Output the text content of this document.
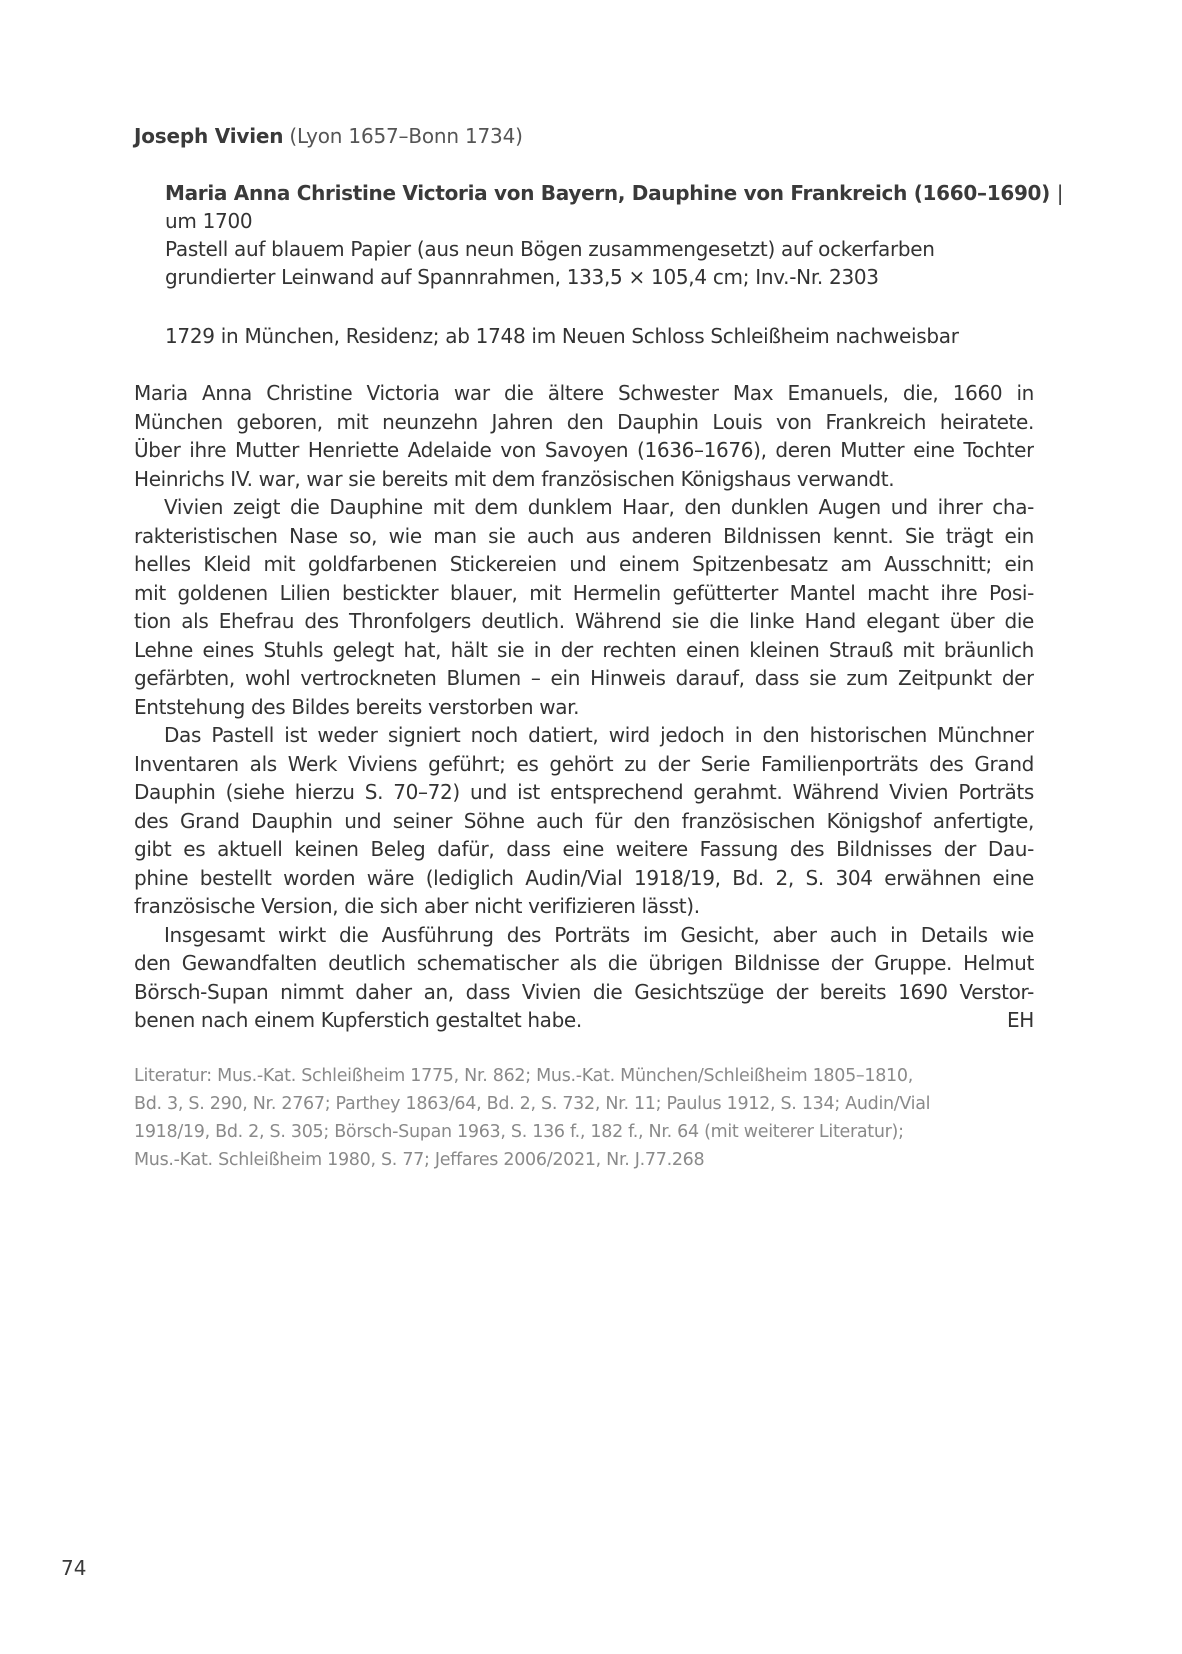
Joseph Vivien (Lyon 1657–Bonn 1734)
Maria Anna Christine Victoria von Bayern, Dauphine von Frankreich (1660–1690) |
um 1700
Pastell auf blauem Papier (aus neun Bögen zusammengesetzt) auf ockerfarben
grundierter Leinwand auf Spannrahmen, 133,5 × 105,4 cm; Inv.-Nr. 2303
1729 in München, Residenz; ab 1748 im Neuen Schloss Schleißheim nachweisbar
Maria Anna Christine Victoria war die ältere Schwester Max Emanuels, die, 1660 in
München geboren, mit neunzehn Jahren den Dauphin Louis von Frankreich heiratete.
Über ihre Mutter Henriette Adelaide von Savoyen (1636–1676), deren Mutter eine Tochter
Heinrichs IV. war, war sie bereits mit dem französischen Königshaus verwandt.
Vivien zeigt die Dauphine mit dem dunklem Haar, den dunklen Augen und ihrer cha-
rakteristischen Nase so, wie man sie auch aus anderen Bildnissen kennt. Sie trägt ein
helles Kleid mit goldfarbenen Stickereien und einem Spitzenbesatz am Ausschnitt; ein
mit goldenen Lilien bestickter blauer, mit Hermelin gefütterter Mantel macht ihre Posi-
tion als Ehefrau des Thronfolgers deutlich. Während sie die linke Hand elegant über die
Lehne eines Stuhls gelegt hat, hält sie in der rechten einen kleinen Strauß mit bräunlich
gefärbten, wohl vertrockneten Blumen – ein Hinweis darauf, dass sie zum Zeitpunkt der
Entstehung des Bildes bereits verstorben war.
Das Pastell ist weder signiert noch datiert, wird jedoch in den historischen Münchner
Inventaren als Werk Viviens geführt; es gehört zu der Serie Familienporträts des Grand
Dauphin (siehe hierzu S. 70–72) und ist entsprechend gerahmt. Während Vivien Porträts
des Grand Dauphin und seiner Söhne auch für den französischen Königshof anfertigte,
gibt es aktuell keinen Beleg dafür, dass eine weitere Fassung des Bildnisses der Dau-
phine bestellt worden wäre (lediglich Audin/Vial 1918/19, Bd. 2, S. 304 erwähnen eine
französische Version, die sich aber nicht verifizieren lässt).
Insgesamt wirkt die Ausführung des Porträts im Gesicht, aber auch in Details wie
den Gewandfalten deutlich schematischer als die übrigen Bildnisse der Gruppe. Helmut
Börsch-Supan nimmt daher an, dass Vivien die Gesichtszüge der bereits 1690 Verstor-
benen nach einem Kupferstich gestaltet habe.	EH
Literatur: Mus.-Kat. Schleißheim 1775, Nr. 862; Mus.-Kat. München/Schleißheim 1805–1810,
Bd. 3, S. 290, Nr. 2767; Parthey 1863/64, Bd. 2, S. 732, Nr. 11; Paulus 1912, S. 134; Audin/Vial
1918/19, Bd. 2, S. 305; Börsch-Supan 1963, S. 136 f., 182 f., Nr. 64 (mit weiterer Literatur);
Mus.-Kat. Schleißheim 1980, S. 77; Jeffares 2006/2021, Nr. J.77.268
74
